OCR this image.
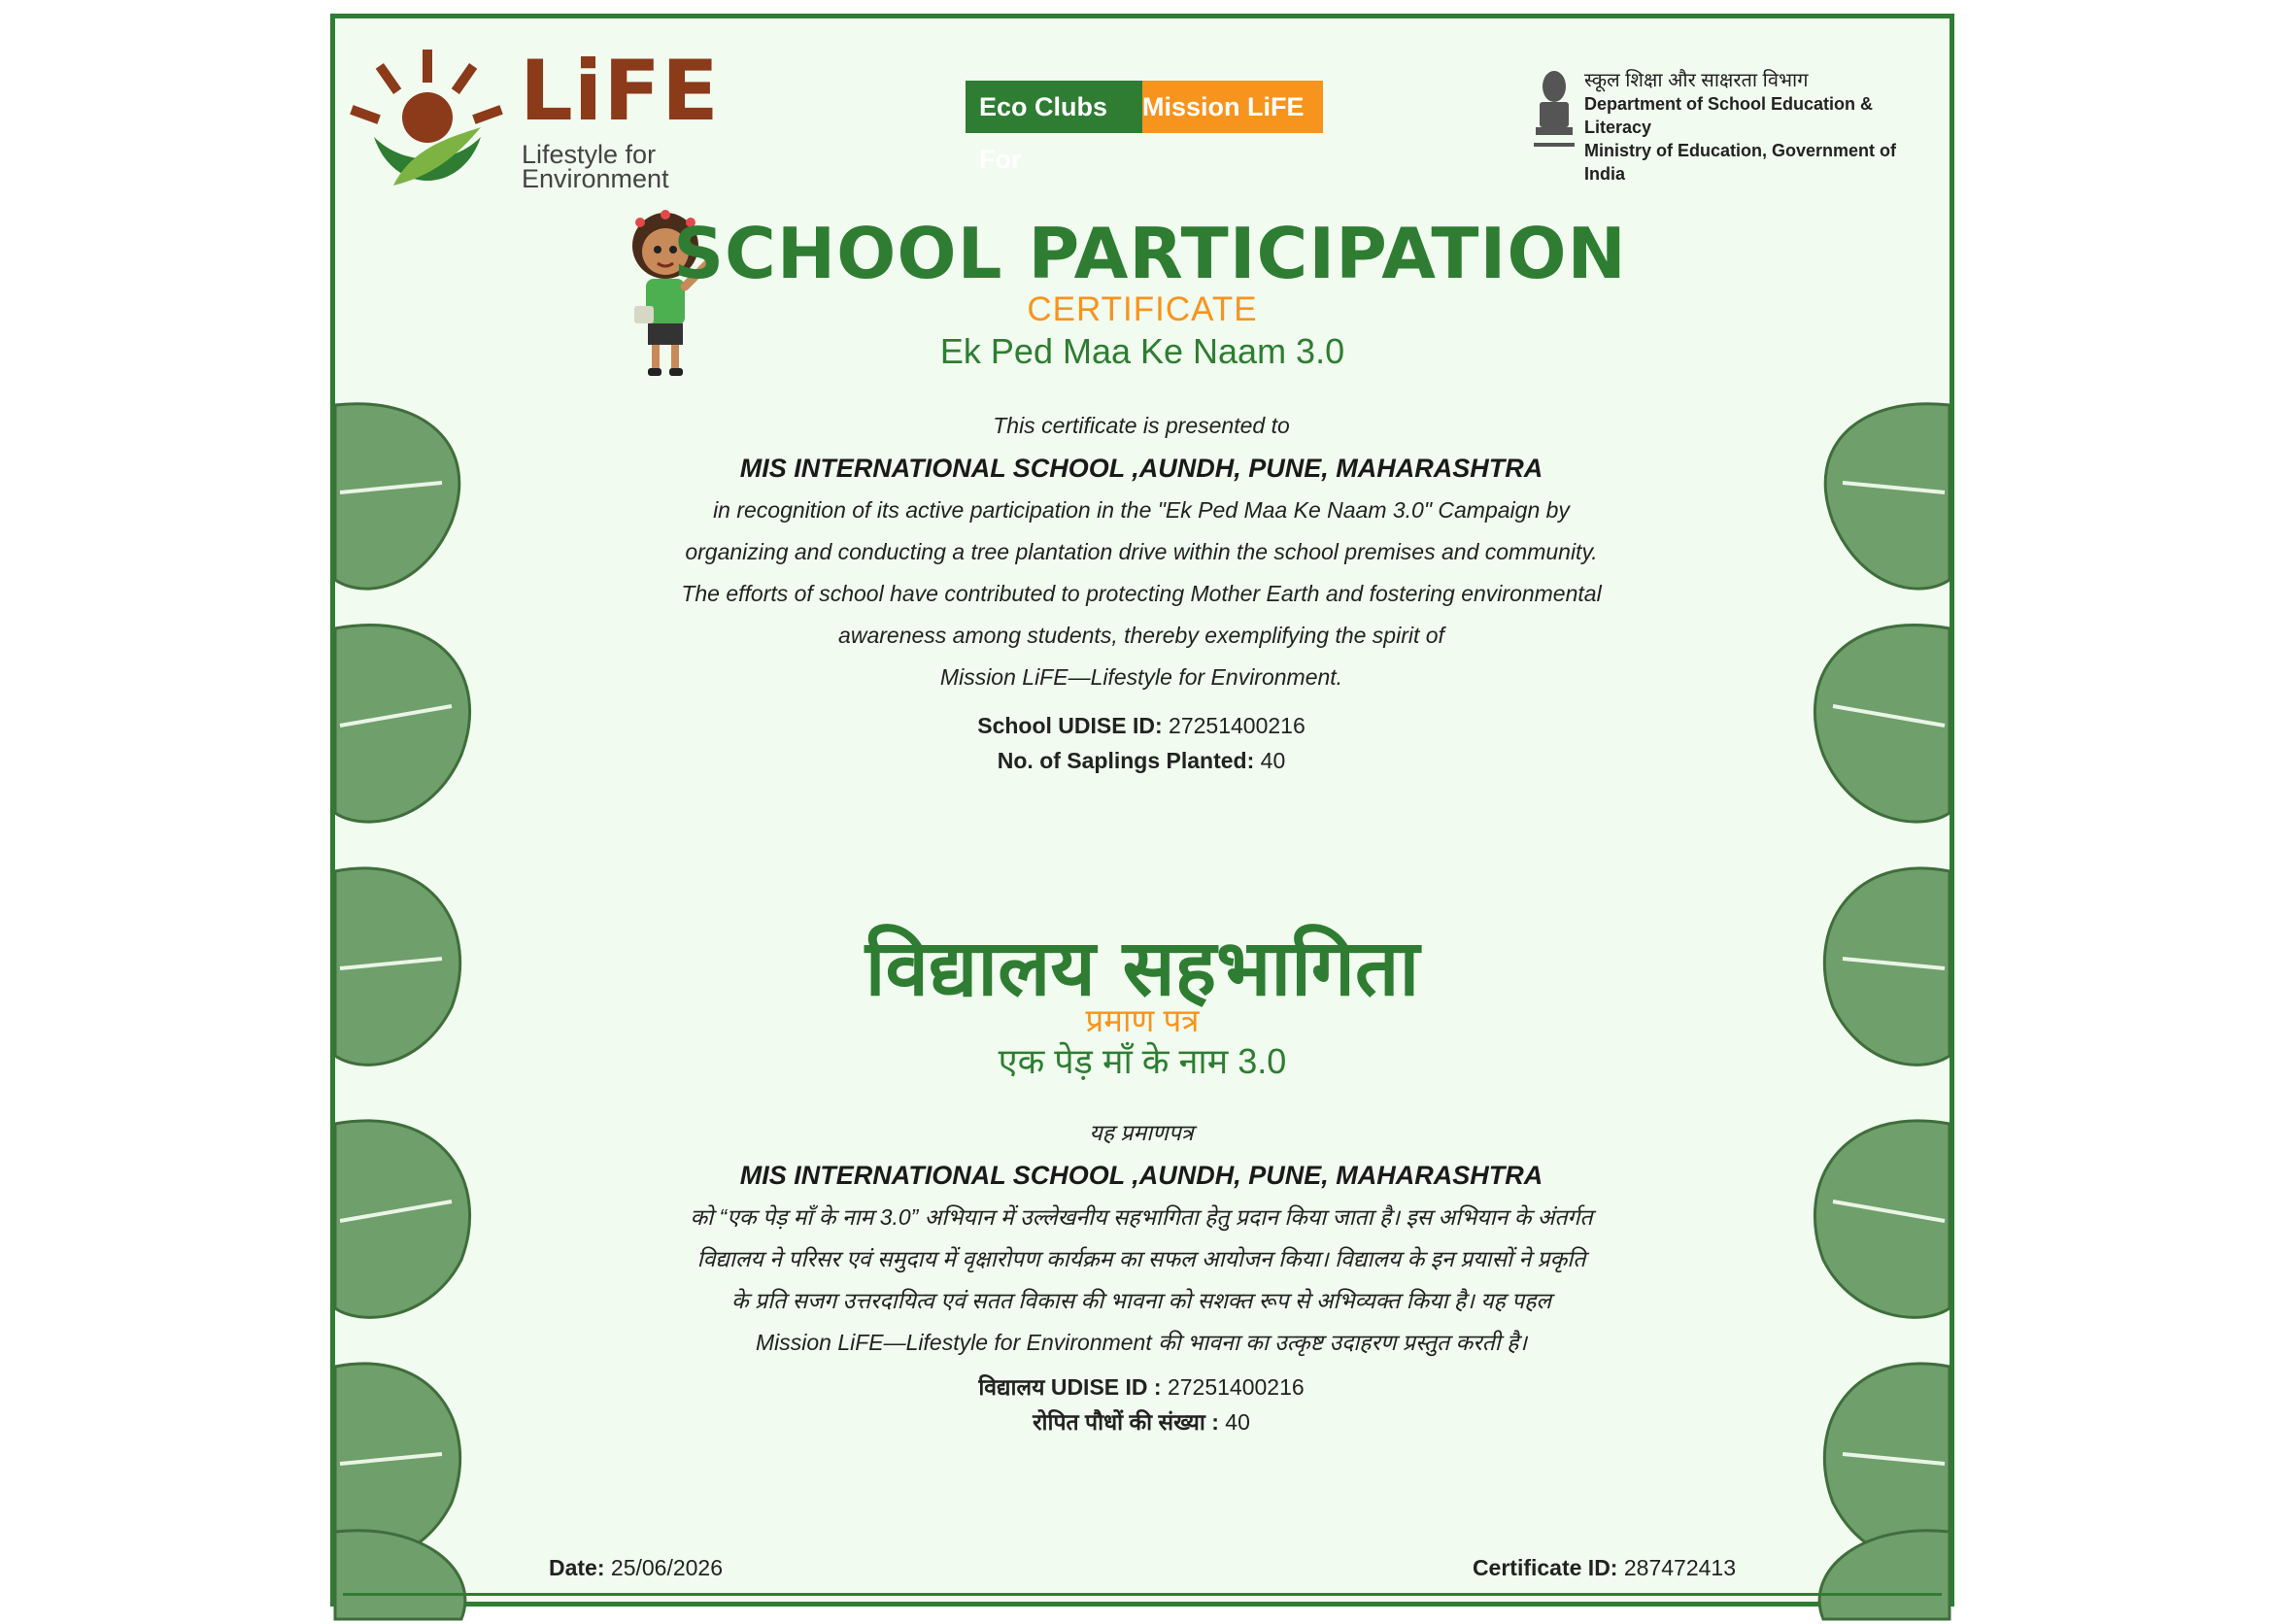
LiFE
Lifestyle for
Environment
Eco Clubs For
Mission LiFE
स्कूल शिक्षा और साक्षरता विभाग
Department of School Education & Literacy
Ministry of Education, Government of India
SCHOOL PARTICIPATION
CERTIFICATE
Ek Ped Maa Ke Naam 3.0
This certificate is presented to
MIS INTERNATIONAL SCHOOL ,AUNDH, PUNE, MAHARASHTRA
in recognition of its active participation in the "Ek Ped Maa Ke Naam 3.0" Campaign by
organizing and conducting a tree plantation drive within the school premises and community.
The efforts of school have contributed to protecting Mother Earth and fostering environmental
awareness among students, thereby exemplifying the spirit of
Mission LiFE—Lifestyle for Environment.
School UDISE ID: 27251400216
No. of Saplings Planted: 40
विद्यालय सहभागिता
प्रमाण पत्र
एक पेड़ माँ के नाम 3.0
यह प्रमाणपत्र
MIS INTERNATIONAL SCHOOL ,AUNDH, PUNE, MAHARASHTRA
को “एक पेड़ माँ के नाम 3.0” अभियान में उल्लेखनीय सहभागिता हेतु प्रदान किया जाता है। इस अभियान के अंतर्गत
विद्यालय ने परिसर एवं समुदाय में वृक्षारोपण कार्यक्रम का सफल आयोजन किया। विद्यालय के इन प्रयासों ने प्रकृति
के प्रति सजग उत्तरदायित्व एवं सतत विकास की भावना को सशक्त रूप से अभिव्यक्त किया है। यह पहल
Mission LiFE—Lifestyle for Environment की भावना का उत्कृष्ट उदाहरण प्रस्तुत करती है।
विद्यालय UDISE ID : 27251400216
रोपित पौधों की संख्या : 40
Date: 25/06/2026	Certificate ID: 287472413
